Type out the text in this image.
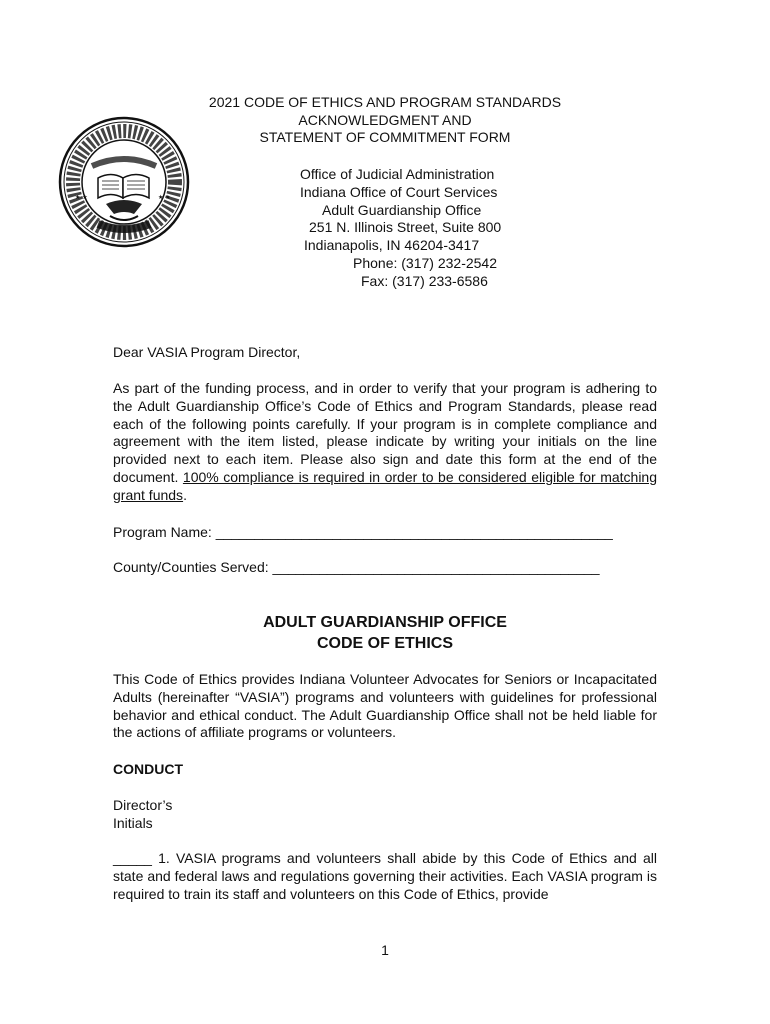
★ ★	★ ★
2021 CODE OF ETHICS AND PROGRAM STANDARDS
ACKNOWLEDGMENT AND
STATEMENT OF COMMITMENT FORM
Office of Judicial Administration
Indiana Office of Court Services
Adult Guardianship Office
251 N. Illinois Street, Suite 800
Indianapolis, IN 46204-3417
Phone: (317) 232-2542
Fax: (317) 233-6586
Dear VASIA Program Director,
As part of the funding process, and in order to verify that your program is adhering to the Adult Guardianship Office’s Code of Ethics and Program Standards, please read each of the following points carefully. If your program is in complete compliance and agreement with the item listed, please indicate by writing your initials on the line provided next to each item. Please also sign and date this form at the end of the document. 100% compliance is required in order to be considered eligible for matching grant funds.
Program Name: ___________________________________________________
County/Counties Served: __________________________________________
ADULT GUARDIANSHIP OFFICE
CODE OF ETHICS
This Code of Ethics provides Indiana Volunteer Advocates for Seniors or Incapacitated Adults (hereinafter “VASIA”) programs and volunteers with guidelines for professional behavior and ethical conduct. The Adult Guardianship Office shall not be held liable for the actions of affiliate programs or volunteers.
CONDUCT
Director’s
Initials
_____ 1. VASIA programs and volunteers shall abide by this Code of Ethics and all state and federal laws and regulations governing their activities. Each VASIA program is required to train its staff and volunteers on this Code of Ethics, provide
1
